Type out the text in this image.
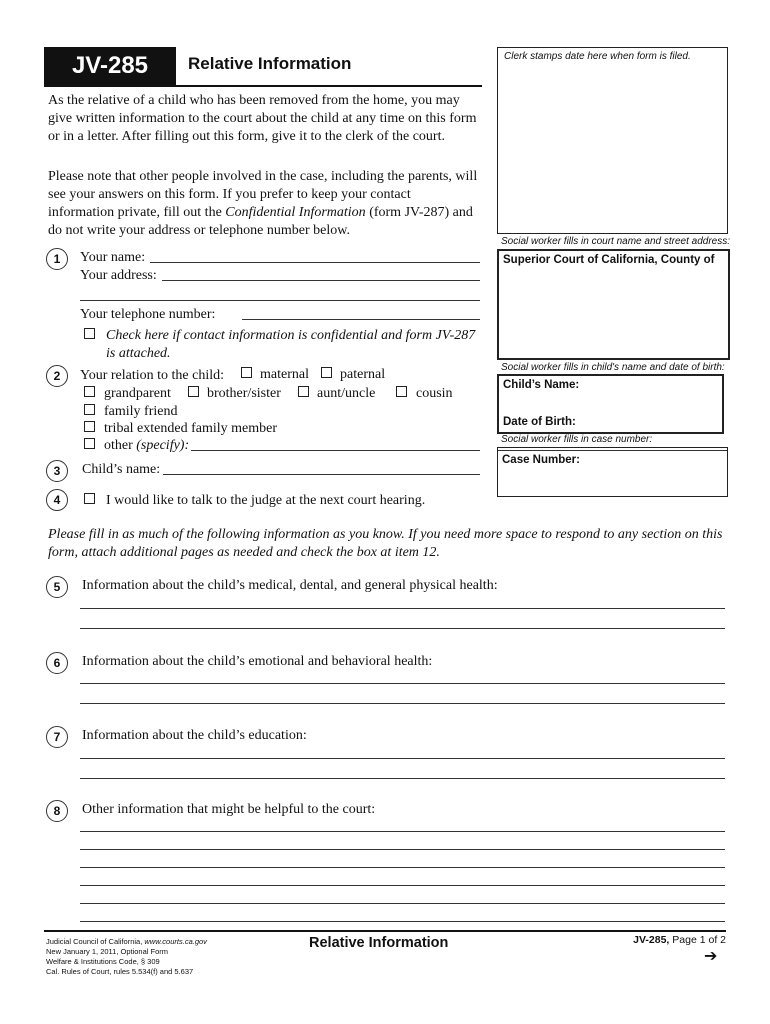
JV-285 Relative Information
As the relative of a child who has been removed from the home, you may give written information to the court about the child at any time on this form or in a letter. After filling out this form, give it to the clerk of the court.
Please note that other people involved in the case, including the parents, will see your answers on this form. If you prefer to keep your contact information private, fill out the Confidential Information (form JV-287) and do not write your address or telephone number below.
Clerk stamps date here when form is filed.
Social worker fills in court name and street address:
Superior Court of California, County of
Social worker fills in child's name and date of birth:
Child’s Name:
Date of Birth:
Social worker fills in case number:
Case Number:
1	Your name:
Your address:
Your telephone number:
Check here if contact information is confidential and form JV-287
is attached.
2	Your relation to the child:	maternal paternal
grandparent	brother/sister	aunt/uncle	cousin
family friend
tribal extended family member
other (specify):
3	Child’s name:
4	I would like to talk to the judge at the next court hearing.
Please fill in as much of the following information as you know. If you need more space to respond to any section on this form, attach additional pages as needed and check the box at item 12.
5	Information about the child’s medical, dental, and general physical health:
6	Information about the child’s emotional and behavioral health:
7	Information about the child’s education:
8	Other information that might be helpful to the court:
Judicial Council of California, www.courts.ca.gov
New January 1, 2011, Optional Form
Welfare & Institutions Code, § 309
Cal. Rules of Court, rules 5.534(f) and 5.637
Relative Information	JV-285, Page 1 of 2
➔
